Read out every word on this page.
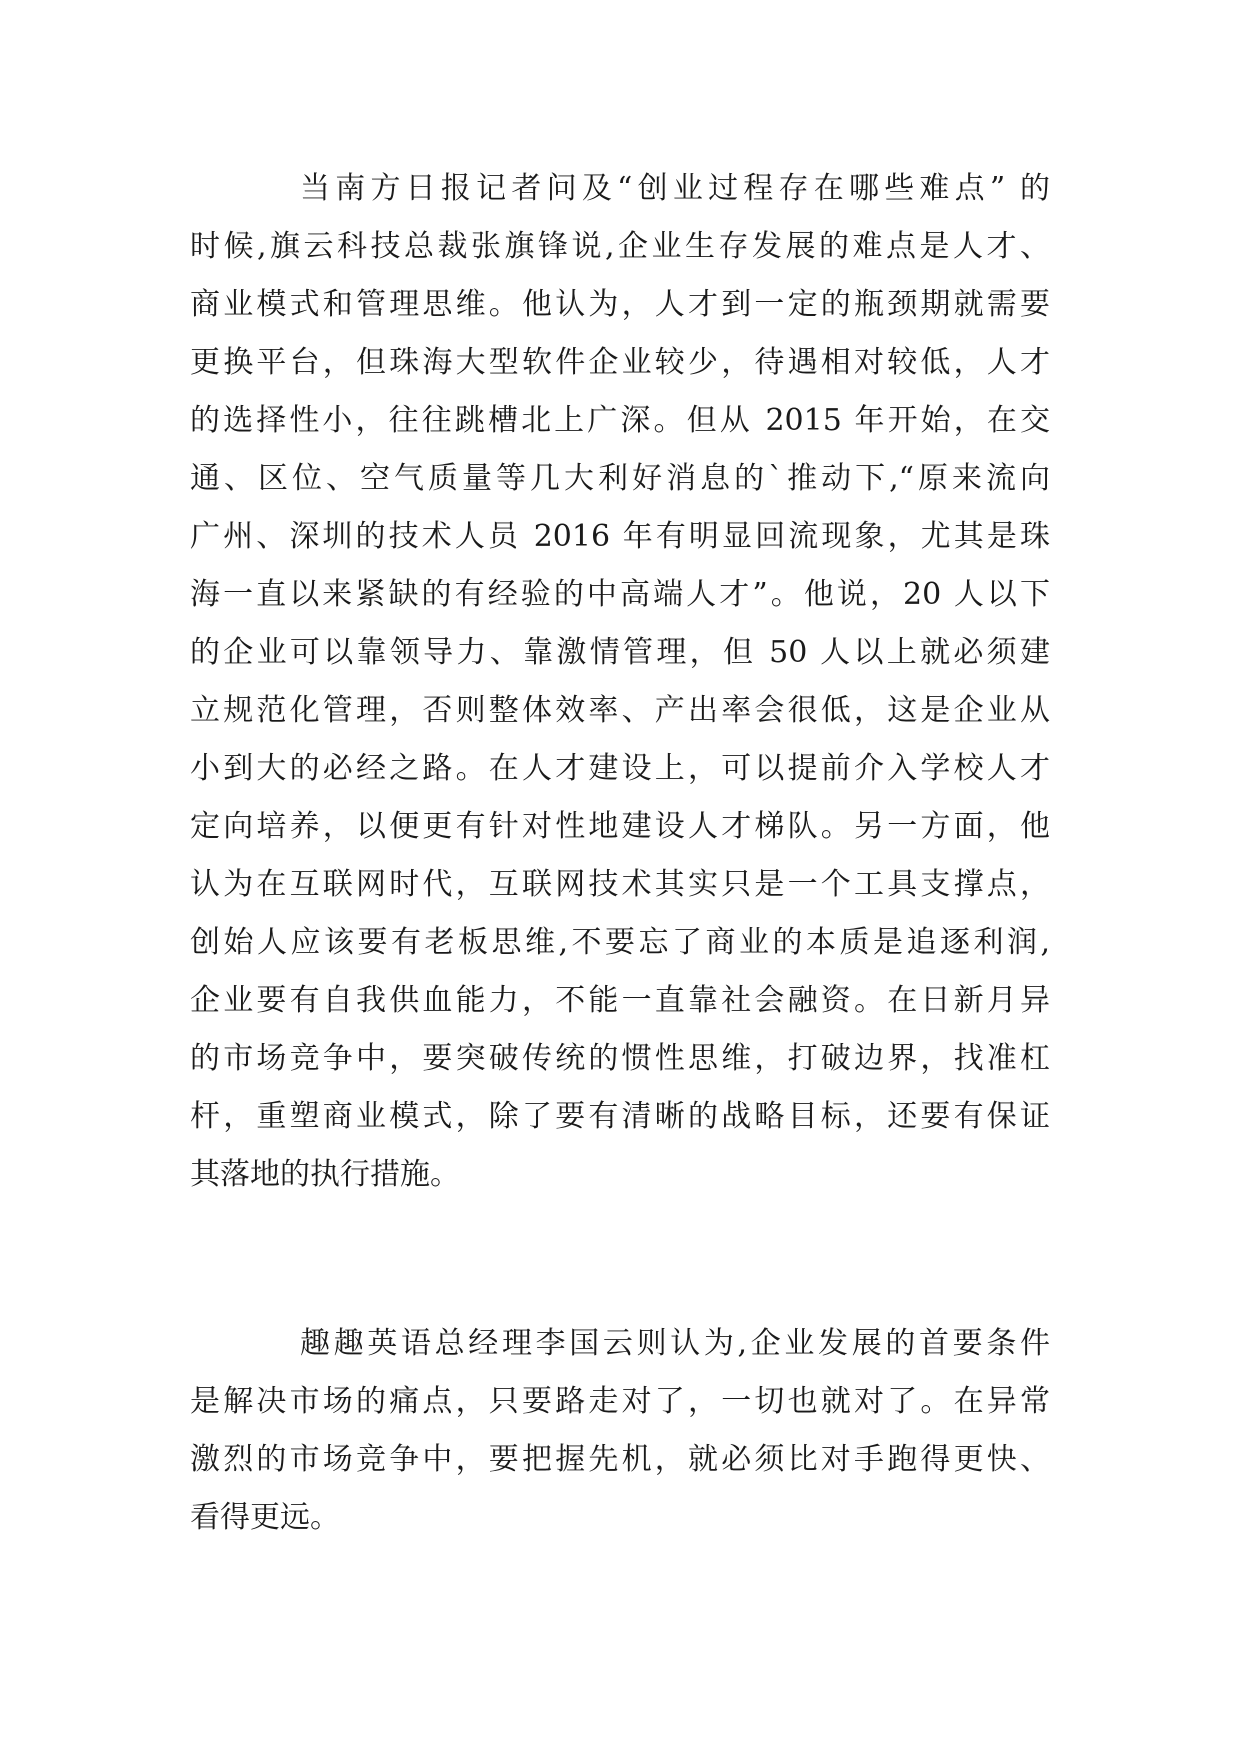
当南方日报记者问及“创业过程存在哪些难点” 的
时候,旗云科技总裁张旗锋说,企业生存发展的难点是人才、
商业模式和管理思维。他认为，人才到一定的瓶颈期就需要
更换平台，但珠海大型软件企业较少，待遇相对较低，人才
的选择性小，往往跳槽北上广深。但从 2015 年开始，在交
通、区位、空气质量等几大利好消息的`推动下,“原来流向
广州、深圳的技术人员 2016 年有明显回流现象，尤其是珠
海一直以来紧缺的有经验的中高端人才”。他说，20 人以下
的企业可以靠领导力、靠激情管理，但 50 人以上就必须建
立规范化管理，否则整体效率、产出率会很低，这是企业从
小到大的必经之路。在人才建设上，可以提前介入学校人才
定向培养，以便更有针对性地建设人才梯队。另一方面，他
认为在互联网时代，互联网技术其实只是一个工具支撑点，
创始人应该要有老板思维,不要忘了商业的本质是追逐利润,
企业要有自我供血能力，不能一直靠社会融资。在日新月异
的市场竞争中，要突破传统的惯性思维，打破边界，找准杠
杆，重塑商业模式，除了要有清晰的战略目标，还要有保证
其落地的执行措施。
趣趣英语总经理李国云则认为,企业发展的首要条件
是解决市场的痛点，只要路走对了，一切也就对了。在异常
激烈的市场竞争中，要把握先机，就必须比对手跑得更快、
看得更远。
